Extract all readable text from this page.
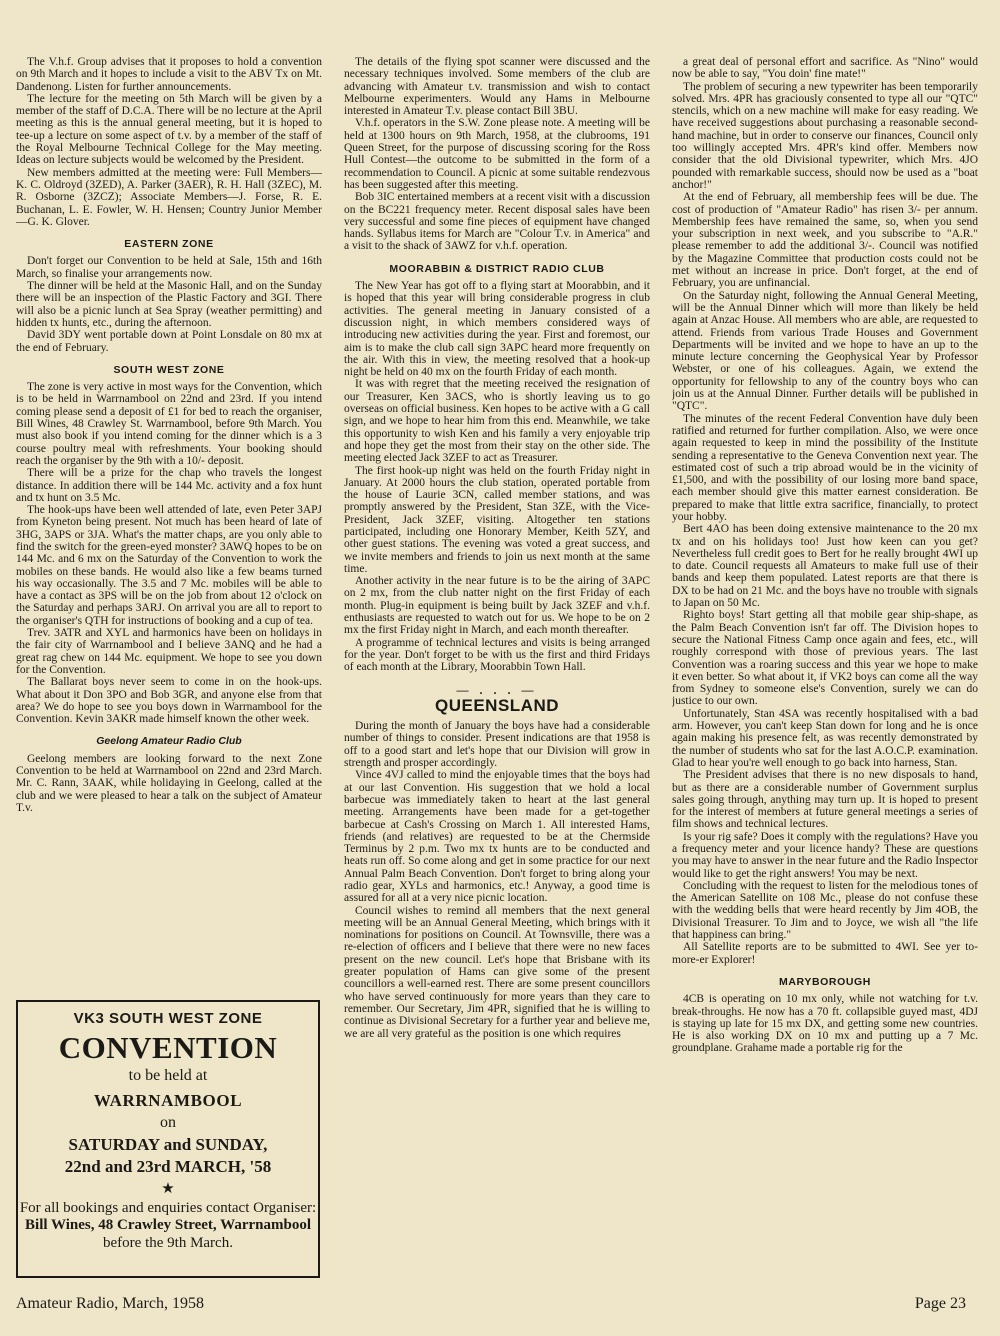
The V.h.f. Group advises that it proposes to hold a convention on 9th March and it hopes to include a visit to the ABV Tx on Mt. Dandenong. Listen for further announcements.

The lecture for the meeting on 5th March will be given by a member of the staff of D.C.A. There will be no lecture at the April meeting as this is the annual general meeting, but it is hoped to tee-up a lecture on some aspect of t.v. by a member of the staff of the Royal Melbourne Technical College for the May meeting. Ideas on lecture subjects would be welcomed by the President.

New members admitted at the meeting were: Full Members—K. C. Oldroyd (3ZED), A. Parker (3AER), R. H. Hall (3ZEC), M. R. Osborne (3ZCZ); Associate Members—J. Forse, R. E. Buchanan, L. E. Fowler, W. H. Hensen; Country Junior Member—G. K. Glover.

EASTERN ZONE

Don't forget our Convention to be held at Sale, 15th and 16th March, so finalise your arrangements now.

The dinner will be held at the Masonic Hall, and on the Sunday there will be an inspection of the Plastic Factory and 3GI. There will also be a picnic lunch at Sea Spray (weather permitting) and hidden tx hunts, etc., during the afternoon.

David 3DY went portable down at Point Lonsdale on 80 mx at the end of February.

SOUTH WEST ZONE

The zone is very active in most ways for the Convention, which is to be held in Warrnambool on 22nd and 23rd. If you intend coming please send a deposit of £1 for bed to reach the organiser, Bill Wines, 48 Crawley St. Warrnambool, before 9th March. You must also book if you intend coming for the dinner which is a 3 course poultry meal with refreshments. Your booking should reach the organiser by the 9th with a 10/- deposit.

There will be a prize for the chap who travels the longest distance. In addition there will be 144 Mc. activity and a fox hunt and tx hunt on 3.5 Mc.

The hook-ups have been well attended of late, even Peter 3APJ from Kyneton being present. Not much has been heard of late of 3HG, 3APS or 3JA. What's the matter chaps, are you only able to find the switch for the green-eyed monster? 3AWQ hopes to be on 144 Mc. and 6 mx on the Saturday of the Convention to work the mobiles on these bands. He would also like a few beams turned his way occasionally. The 3.5 and 7 Mc. mobiles will be able to have a contact as 3PS will be on the job from about 12 o'clock on the Saturday and perhaps 3ARJ. On arrival you are all to report to the organiser's QTH for instructions of booking and a cup of tea.

Trev. 3ATR and XYL and harmonics have been on holidays in the fair city of Warrnambool and I believe 3ANQ and he had a great rag chew on 144 Mc. equipment. We hope to see you down for the Convention.

The Ballarat boys never seem to come in on the hook-ups. What about it Don 3PO and Bob 3GR, and anyone else from that area? We do hope to see you boys down in Warrnambool for the Convention. Kevin 3AKR made himself known the other week.

Geelong Amateur Radio Club

Geelong members are looking forward to the next Zone Convention to be held at Warrnambool on 22nd and 23rd March. Mr. C. Rann, 3AAK, while holidaying in Geelong, called at the club and we were pleased to hear a talk on the subject of Amateur T.v.

VK3 SOUTH WEST ZONE
CONVENTION
to be held at
WARRNAMBOOL
on
SATURDAY and SUNDAY,
22nd and 23rd MARCH, '58
★
For all bookings and enquiries contact Organiser:
Bill Wines, 48 Crawley Street, Warrnambool
before the 9th March.

The details of the flying spot scanner were discussed and the necessary techniques involved. Some members of the club are advancing with Amateur t.v. transmission and wish to contact Melbourne experimenters. Would any Hams in Melbourne interested in Amateur T.v. please contact Bill 3BU.

V.h.f. operators in the S.W. Zone please note. A meeting will be held at 1300 hours on 9th March, 1958, at the clubrooms, 191 Queen Street, for the purpose of discussing scoring for the Ross Hull Contest—the outcome to be submitted in the form of a recommendation to Council. A picnic at some suitable rendezvous has been suggested after this meeting.

Bob 3IC entertained members at a recent visit with a discussion on the BC221 frequency meter. Recent disposal sales have been very successful and some fine pieces of equipment have changed hands. Syllabus items for March are "Colour T.v. in America" and a visit to the shack of 3AWZ for v.h.f. operation.

MOORABBIN & DISTRICT RADIO CLUB

The New Year has got off to a flying start at Moorabbin, and it is hoped that this year will bring considerable progress in club activities. The general meeting in January consisted of a discussion night, in which members considered ways of introducing new activities during the year. First and foremost, our aim is to make the club call sign 3APC heard more frequently on the air. With this in view, the meeting resolved that a hook-up night be held on 40 mx on the fourth Friday of each month.

It was with regret that the meeting received the resignation of our Treasurer, Ken 3ACS, who is shortly leaving us to go overseas on official business. Ken hopes to be active with a G call sign, and we hope to hear him from this end. Meanwhile, we take this opportunity to wish Ken and his family a very enjoyable trip and hope they get the most from their stay on the other side. The meeting elected Jack 3ZEF to act as Treasurer.

The first hook-up night was held on the fourth Friday night in January. At 2000 hours the club station, operated portable from the house of Laurie 3CN, called member stations, and was promptly answered by the President, Stan 3ZE, with the Vice-President, Jack 3ZEF, visiting. Altogether ten stations participated, including one Honorary Member, Keith 5ZY, and other guest stations. The evening was voted a great success, and we invite members and friends to join us next month at the same time.

Another activity in the near future is to be the airing of 3APC on 2 mx, from the club natter night on the first Friday of each month. Plug-in equipment is being built by Jack 3ZEF and v.h.f. enthusiasts are requested to watch out for us. We hope to be on 2 mx the first Friday night in March, and each month thereafter.

A programme of technical lectures and visits is being arranged for the year. Don't forget to be with us the first and third Fridays of each month at the Library, Moorabbin Town Hall.

— . . . —
QUEENSLAND

During the month of January the boys have had a considerable number of things to consider. Present indications are that 1958 is off to a good start and let's hope that our Division will grow in strength and prosper accordingly.

Vince 4VJ called to mind the enjoyable times that the boys had at our last Convention. His suggestion that we hold a local barbecue was immediately taken to heart at the last general meeting. Arrangements have been made for a get-together barbecue at Cash's Crossing on March 1. All interested Hams, friends (and relatives) are requested to be at the Chermside Terminus by 2 p.m. Two mx tx hunts are to be conducted and heats run off. So come along and get in some practice for our next Annual Palm Beach Convention. Don't forget to bring along your radio gear, XYLs and harmonics, etc.! Anyway, a good time is assured for all at a very nice picnic location.

Council wishes to remind all members that the next general meeting will be an Annual General Meeting, which brings with it nominations for positions on Council. At Townsville, there was a re-election of officers and I believe that there were no new faces present on the new council. Let's hope that Brisbane with its greater population of Hams can give some of the present councillors a well-earned rest. There are some present councillors who have served continuously for more years than they care to remember. Our Secretary, Jim 4PR, signified that he is willing to continue as Divisional Secretary for a further year and believe me, we are all very grateful as the position is one which requires

a great deal of personal effort and sacrifice. As "Nino" would now be able to say, "You doin' fine mate!"

The problem of securing a new typewriter has been temporarily solved. Mrs. 4PR has graciously consented to type all our "QTC" stencils, which on a new machine will make for easy reading. We have received suggestions about purchasing a reasonable second-hand machine, but in order to conserve our finances, Council only too willingly accepted Mrs. 4PR's kind offer. Members now consider that the old Divisional typewriter, which Mrs. 4JO pounded with remarkable success, should now be used as a "boat anchor!"

At the end of February, all membership fees will be due. The cost of production of "Amateur Radio" has risen 3/- per annum. Membership fees have remained the same, so, when you send your subscription in next week, and you subscribe to "A.R." please remember to add the additional 3/-. Council was notified by the Magazine Committee that production costs could not be met without an increase in price. Don't forget, at the end of February, you are unfinancial.

On the Saturday night, following the Annual General Meeting, will be the Annual Dinner which will more than likely be held again at Anzac House. All members who are able, are requested to attend. Friends from various Trade Houses and Government Departments will be invited and we hope to have an up to the minute lecture concerning the Geophysical Year by Professor Webster, or one of his colleagues. Again, we extend the opportunity for fellowship to any of the country boys who can join us at the Annual Dinner. Further details will be published in "QTC".

The minutes of the recent Federal Convention have duly been ratified and returned for further compilation. Also, we were once again requested to keep in mind the possibility of the Institute sending a representative to the Geneva Convention next year. The estimated cost of such a trip abroad would be in the vicinity of £1,500, and with the possibility of our losing more band space, each member should give this matter earnest consideration. Be prepared to make that little extra sacrifice, financially, to protect your hobby.

Bert 4AO has been doing extensive maintenance to the 20 mx tx and on his holidays too! Just how keen can you get? Nevertheless full credit goes to Bert for he really brought 4WI up to date. Council requests all Amateurs to make full use of their bands and keep them populated. Latest reports are that there is DX to be had on 21 Mc. and the boys have no trouble with signals to Japan on 50 Mc.

Righto boys! Start getting all that mobile gear ship-shape, as the Palm Beach Convention isn't far off. The Division hopes to secure the National Fitness Camp once again and fees, etc., will roughly correspond with those of previous years. The last Convention was a roaring success and this year we hope to make it even better. So what about it, if VK2 boys can come all the way from Sydney to someone else's Convention, surely we can do justice to our own.

Unfortunately, Stan 4SA was recently hospitalised with a bad arm. However, you can't keep Stan down for long and he is once again making his presence felt, as was recently demonstrated by the number of students who sat for the last A.O.C.P. examination. Glad to hear you're well enough to go back into harness, Stan.

The President advises that there is no new disposals to hand, but as there are a considerable number of Government surplus sales going through, anything may turn up. It is hoped to present for the interest of members at future general meetings a series of film shows and technical lectures.

Is your rig safe? Does it comply with the regulations? Have you a frequency meter and your licence handy? These are questions you may have to answer in the near future and the Radio Inspector would like to get the right answers! You may be next.

Concluding with the request to listen for the melodious tones of the American Satellite on 108 Mc., please do not confuse these with the wedding bells that were heard recently by Jim 4OB, the Divisional Treasurer. To Jim and to Joyce, we wish all "the life that happiness can bring."

All Satellite reports are to be submitted to 4WI. See yer to-more-er Explorer!

MARYBOROUGH

4CB is operating on 10 mx only, while not watching for t.v. break-throughs. He now has a 70 ft. collapsible guyed mast, 4DJ is staying up late for 15 mx DX, and getting some new countries. He is also working DX on 10 mx and putting up a 7 Mc. groundplane. Grahame made a portable rig for the

Amateur Radio, March, 1958	Page 23
